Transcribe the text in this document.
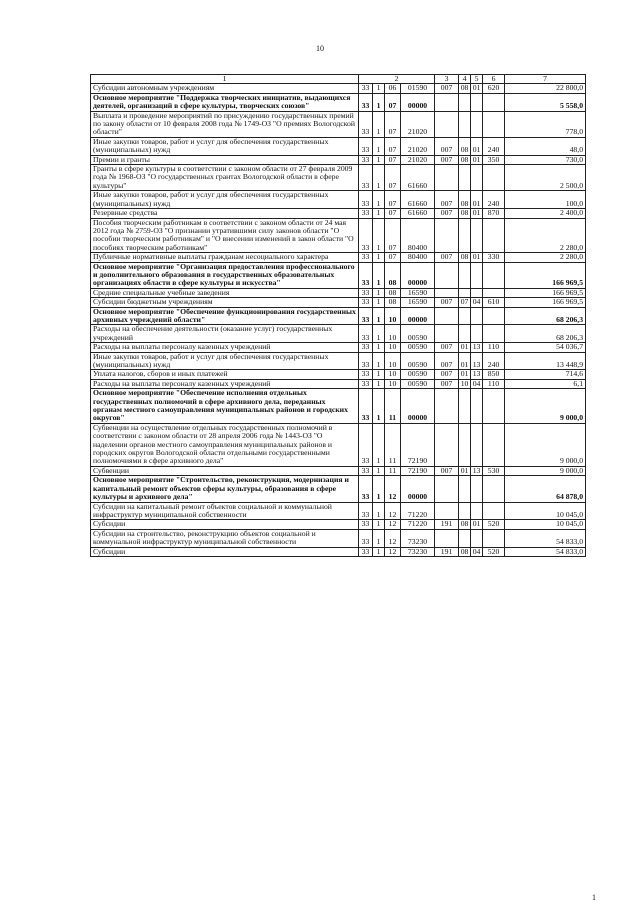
10
1	2				3	4	5	6	7
Субсидии автономным учреждениям	33	1	06	01590	007	08	01	620	22 800,0
Основное мероприятие "Поддержка творческих инициатив, выдающихся деятелей, организаций в сфере культуры, творческих союзов"	33	1	07	00000					5 558,0
Выплата и проведение мероприятий по присуждению государственных премий по закону области от 10 февраля 2008 года № 1749-ОЗ "О премиях Вологодской области"	33	1	07	21020					778,0
Иные закупки товаров, работ и услуг для обеспечения государственных (муниципальных) нужд	33	1	07	21020	007	08	01	240	48,0
Премии и гранты	33	1	07	21020	007	08	01	350	730,0
Гранты в сфере культуры в соответствии с законом области от 27 февраля 2009 года № 1968-ОЗ "О государственных грантах Вологодской области в сфере культуры"	33	1	07	61660					2 500,0
Иные закупки товаров, работ и услуг для обеспечения государственных (муниципальных) нужд	33	1	07	61660	007	08	01	240	100,0
Резервные средства	33	1	07	61660	007	08	01	870	2 400,0
Пособия творческим работникам в соответствии с законом области от 24 мая 2012 года № 2759-ОЗ "О признании утратившими силу законов области "О пособии творческим работникам" и "О внесении изменений в закон области "О пособиях творческим работникам"	33	1	07	80400					2 280,0
Публичные нормативные выплаты гражданам несоциального характера	33	1	07	80400	007	08	01	330	2 280,0
Основное мероприятие "Организация предоставления профессионального и дополнительного образования в государственных образовательных организациях области в сфере культуры и искусства"	33	1	08	00000					166 969,5
Средние специальные учебные заведения	33	1	08	16590					166 969,5
Субсидии бюджетным учреждениям	33	1	08	16590	007	07	04	610	166 969,5
Основное мероприятие "Обеспечение функционирования государственных архивных учреждений области"	33	1	10	00000					68 206,3
Расходы на обеспечение деятельности (оказание услуг) государственных учреждений	33	1	10	00590					68 206,3
Расходы на выплаты персоналу казенных учреждений	33	1	10	00590	007	01	13	110	54 036,7
Иные закупки товаров, работ и услуг для обеспечения государственных (муниципальных) нужд	33	1	10	00590	007	01	13	240	13 448,9
Уплата налогов, сборов и иных платежей	33	1	10	00590	007	01	13	850	714,6
Расходы на выплаты персоналу казенных учреждений	33	1	10	00590	007	10	04	110	6,1
Основное мероприятие "Обеспечение исполнения отдельных государственных полномочий в сфере архивного дела, переданных органам местного самоуправления муниципальных районов и городских округов"	33	1	11	00000					9 000,0
Субвенции на осуществление отдельных государственных полномочий в соответствии с законом области от 28 апреля 2006 года № 1443-ОЗ "О наделении органов местного самоуправления муниципальных районов и городских округов Вологодской области отдельными государственными полномочиями в сфере архивного дела"	33	1	11	72190					9 000,0
Субвенции	33	1	11	72190	007	01	13	530	9 000,0
Основное мероприятие "Строительство, реконструкция, модернизация и капитальный ремонт объектов сферы культуры, образования в сфере культуры и архивного дела"	33	1	12	00000					64 878,0
Субсидии на капитальный ремонт объектов социальной и коммунальной инфраструктур муниципальной собственности	33	1	12	71220					10 045,0
Субсидии	33	1	12	71220	191	08	01	520	10 045,0
Субсидии на строительство, реконструкцию объектов социальной и коммунальной инфраструктур муниципальной собственности	33	1	12	73230					54 833,0
Субсидии	33	1	12	73230	191	08	04	520	54 833,0
1
